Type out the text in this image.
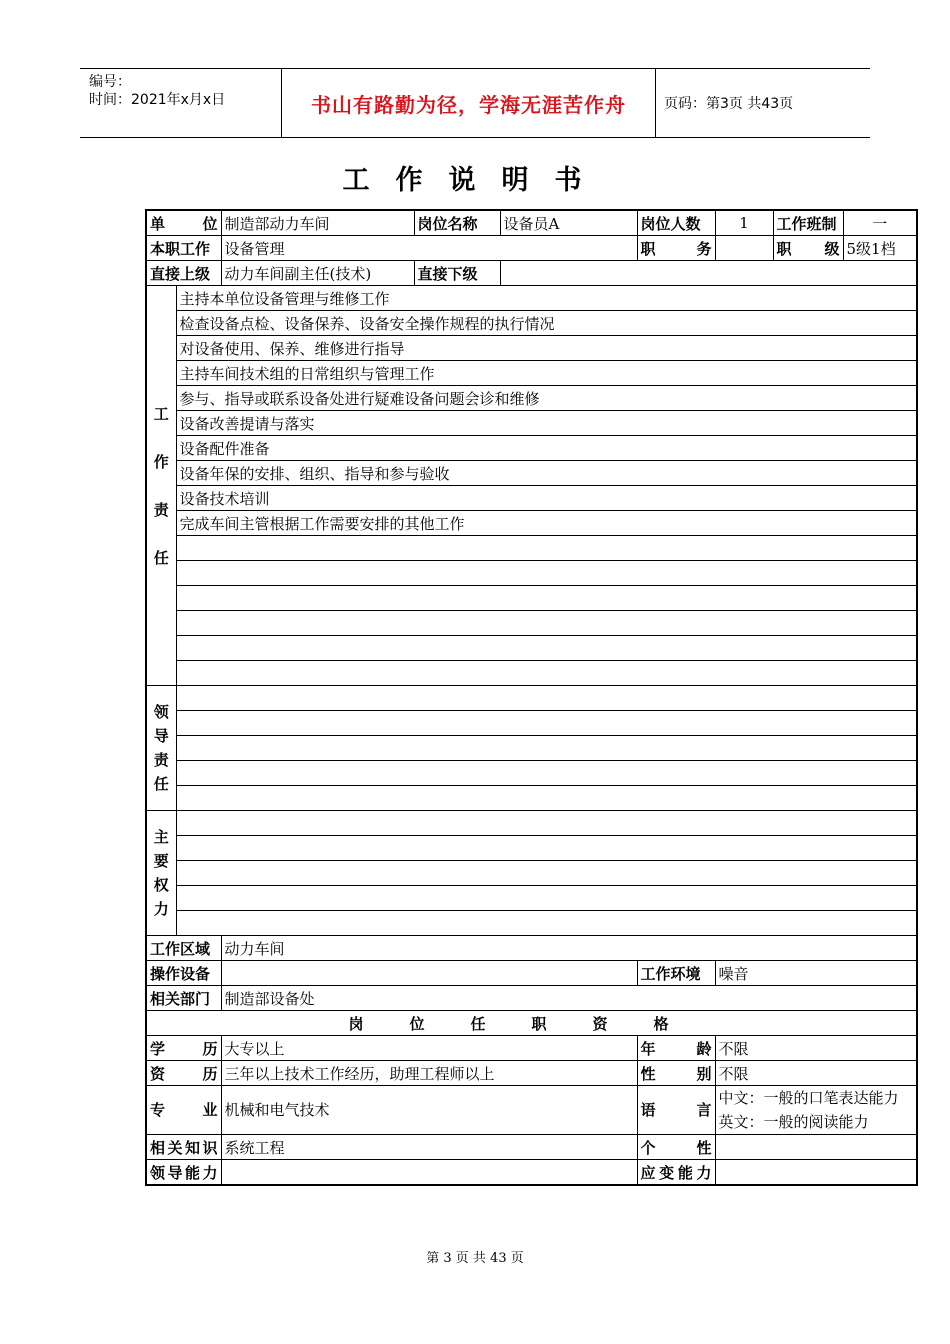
编号：
时间：2021年x月x日	书山有路勤为径，学海无涯苦作舟	页码：第3页 共43页
工作说明书
单　　位		制造部动力车间	岗位名称	设备员A	岗位人数	1	工作班制	一
本职工作		设备管理			职　　务		职　　级	5级1档
直接上级		动力车间副主任(技术)	直接下级					
工作责任	主持本单位设备管理与维修工作							
	检查设备点检、设备保养、设备安全操作规程的执行情况							
	对设备使用、保养、维修进行指导							
	主持车间技术组的日常组织与管理工作							
	参与、指导或联系设备处进行疑难设备问题会诊和维修							
	设备改善提请与落实							
	设备配件准备							
	设备年保的安排、组织、指导和参与验收							
	设备技术培训							
	完成车间主管根据工作需要安排的其他工作							

领导责任								

主要权力								

工作区域		动力车间						
操作设备					工作环境	噪音		
相关部门		制造部设备处						
岗位任职资格								
学　　历		大专以上			年　　龄	不限		
资　　历		三年以上技术工作经历，助理工程师以上			性　　别	不限		
专　　业		机械和电气技术			语　　言	中文：一般的口笔表达能力
英文：一般的阅读能力		

相关知识		系统工程			个　　性			
领导能力					应变能力			
第 3 页 共 43 页
